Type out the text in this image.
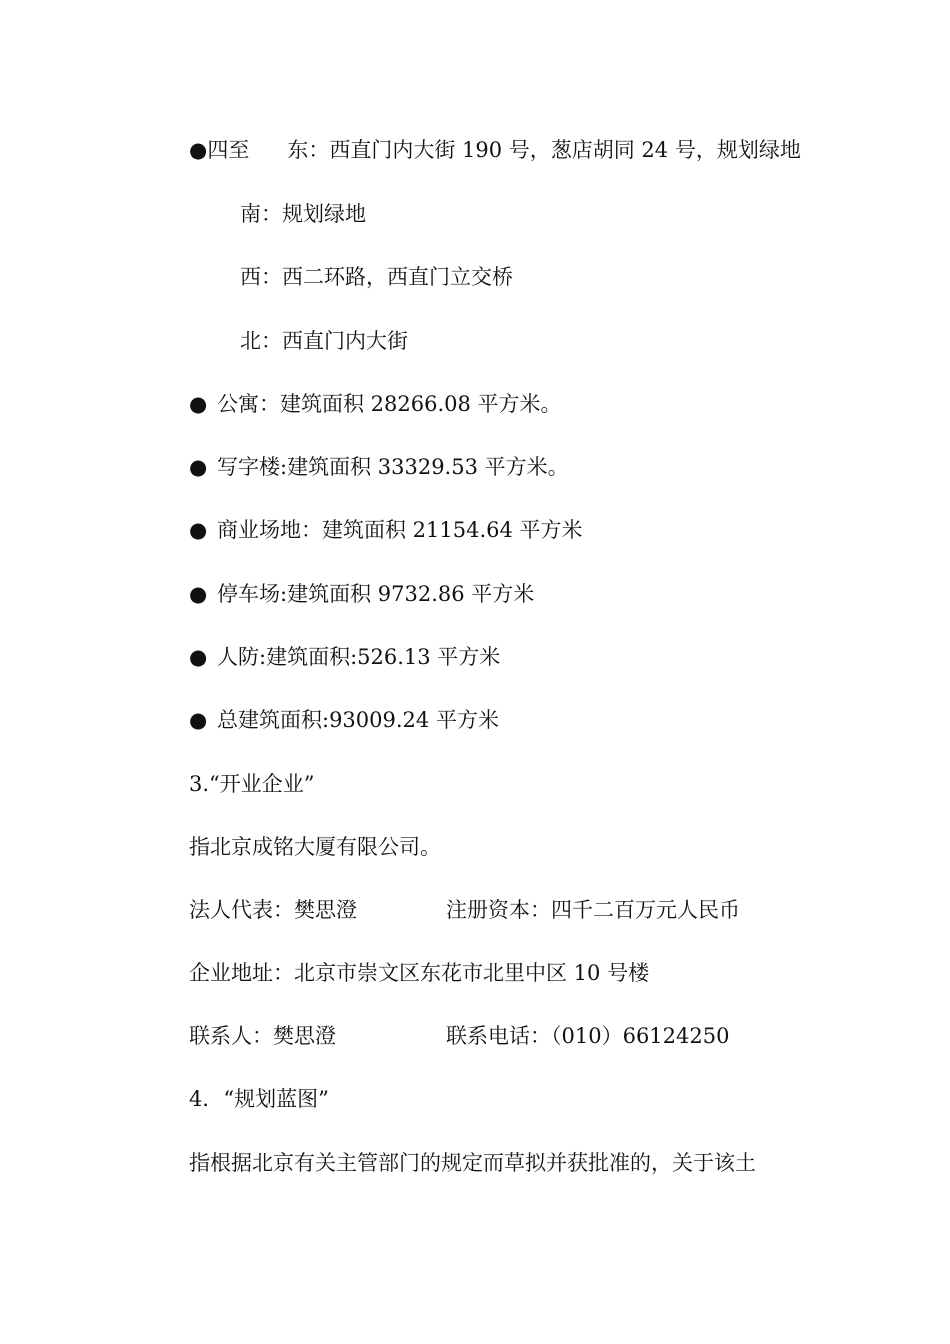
●四至 东：西直门内大街 190 号，葱店胡同 24 号，规划绿地
南：规划绿地
西：西二环路，西直门立交桥
北：西直门内大街
● 公寓：建筑面积 28266.08 平方米。
● 写字楼:建筑面积 33329.53 平方米。
● 商业场地：建筑面积 21154.64 平方米
● 停车场:建筑面积 9732.86 平方米
● 人防:建筑面积:526.13 平方米
● 总建筑面积:93009.24 平方米
3.“开业企业”
指北京成铭大厦有限公司。
法人代表：樊思澄	注册资本：四千二百万元人民币
企业地址：北京市崇文区东花市北里中区 10 号楼
联系人：樊思澄	联系电话：（010）66124250
4．“规划蓝图”
指根据北京有关主管部门的规定而草拟并获批准的，关于该土
